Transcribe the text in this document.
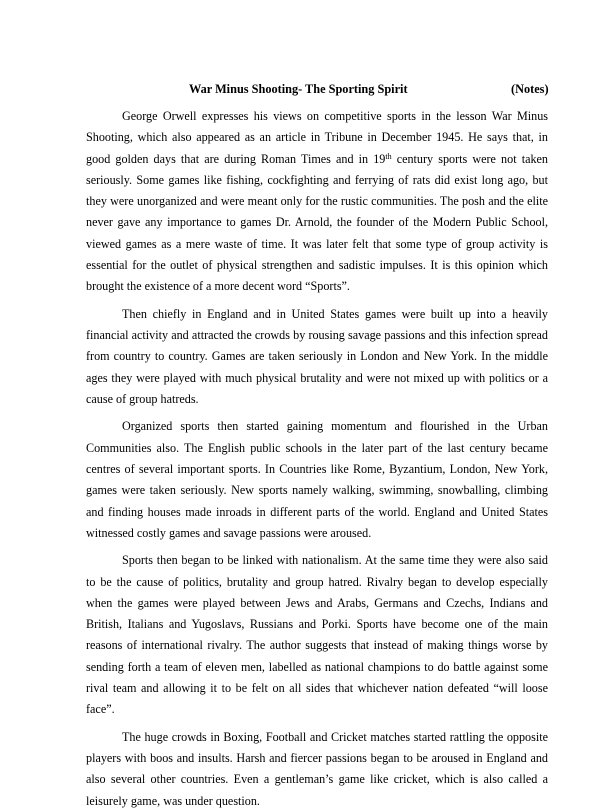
War Minus Shooting- The Sporting Spirit	(Notes)

George Orwell expresses his views on competitive sports in the lesson War Minus Shooting, which also appeared as an article in Tribune in December 1945. He says that, in good golden days that are during Roman Times and in 19th century sports were not taken seriously. Some games like fishing, cockfighting and ferrying of rats did exist long ago, but they were unorganized and were meant only for the rustic communities. The posh and the elite never gave any importance to games Dr. Arnold, the founder of the Modern Public School, viewed games as a mere waste of time. It was later felt that some type of group activity is essential for the outlet of physical strengthen and sadistic impulses. It is this opinion which brought the existence of a more decent word “Sports”.

Then chiefly in England and in United States games were built up into a heavily financial activity and attracted the crowds by rousing savage passions and this infection spread from country to country. Games are taken seriously in London and New York. In the middle ages they were played with much physical brutality and were not mixed up with politics or a cause of group hatreds.

Organized sports then started gaining momentum and flourished in the Urban Communities also. The English public schools in the later part of the last century became centres of several important sports. In Countries like Rome, Byzantium, London, New York, games were taken seriously. New sports namely walking, swimming, snowballing, climbing and finding houses made inroads in different parts of the world. England and United States witnessed costly games and savage passions were aroused.

Sports then began to be linked with nationalism. At the same time they were also said to be the cause of politics, brutality and group hatred. Rivalry began to develop especially when the games were played between Jews and Arabs, Germans and Czechs, Indians and British, Italians and Yugoslavs, Russians and Porki. Sports have become one of the main reasons of international rivalry. The author suggests that instead of making things worse by sending forth a team of eleven men, labelled as national champions to do battle against some rival team and allowing it to be felt on all sides that whichever nation defeated “will loose face”.

The huge crowds in Boxing, Football and Cricket matches started rattling the opposite players with boos and insults. Harsh and fiercer passions began to be aroused in England and also several other countries. Even a gentleman’s game like cricket, which is also called a leisurely game, was under question.
